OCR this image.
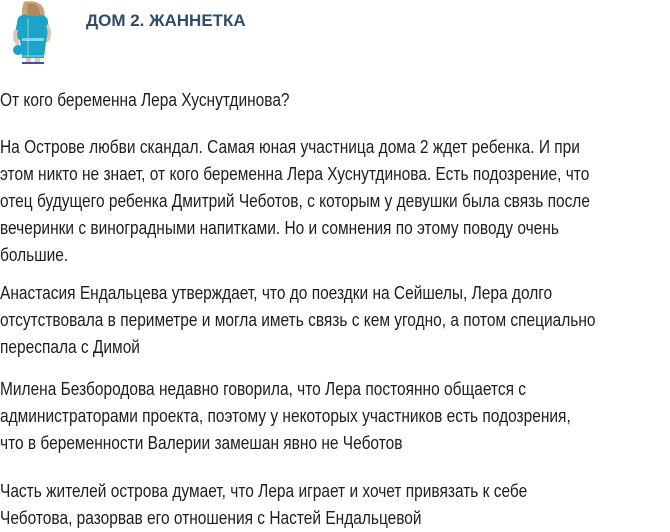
ДОМ 2. ЖАННЕТКА
От кого беременна Лера Хуснутдинова?
На Острове любви скандал. Самая юная участница дома 2 ждет ребенка. И при
этом никто не знает, от кого беременна Лера Хуснутдинова. Есть подозрение, что
отец будущего ребенка Дмитрий Чеботов, с которым у девушки была связь после
вечеринки с виноградными напитками. Но и сомнения по этому поводу очень
большие.
Анастасия Ендальцева утверждает, что до поездки на Сейшелы, Лера долго
отсутствовала в периметре и могла иметь связь с кем угодно, а потом специально
переспала с Димой
Милена Безбородова недавно говорила, что Лера постоянно общается с
администраторами проекта, поэтому у некоторых участников есть подозрения,
что в беременности Валерии замешан явно не Чеботов
Часть жителей острова думает, что Лера играет и хочет привязать к себе
Чеботова, разорвав его отношения с Настей Ендальцевой
